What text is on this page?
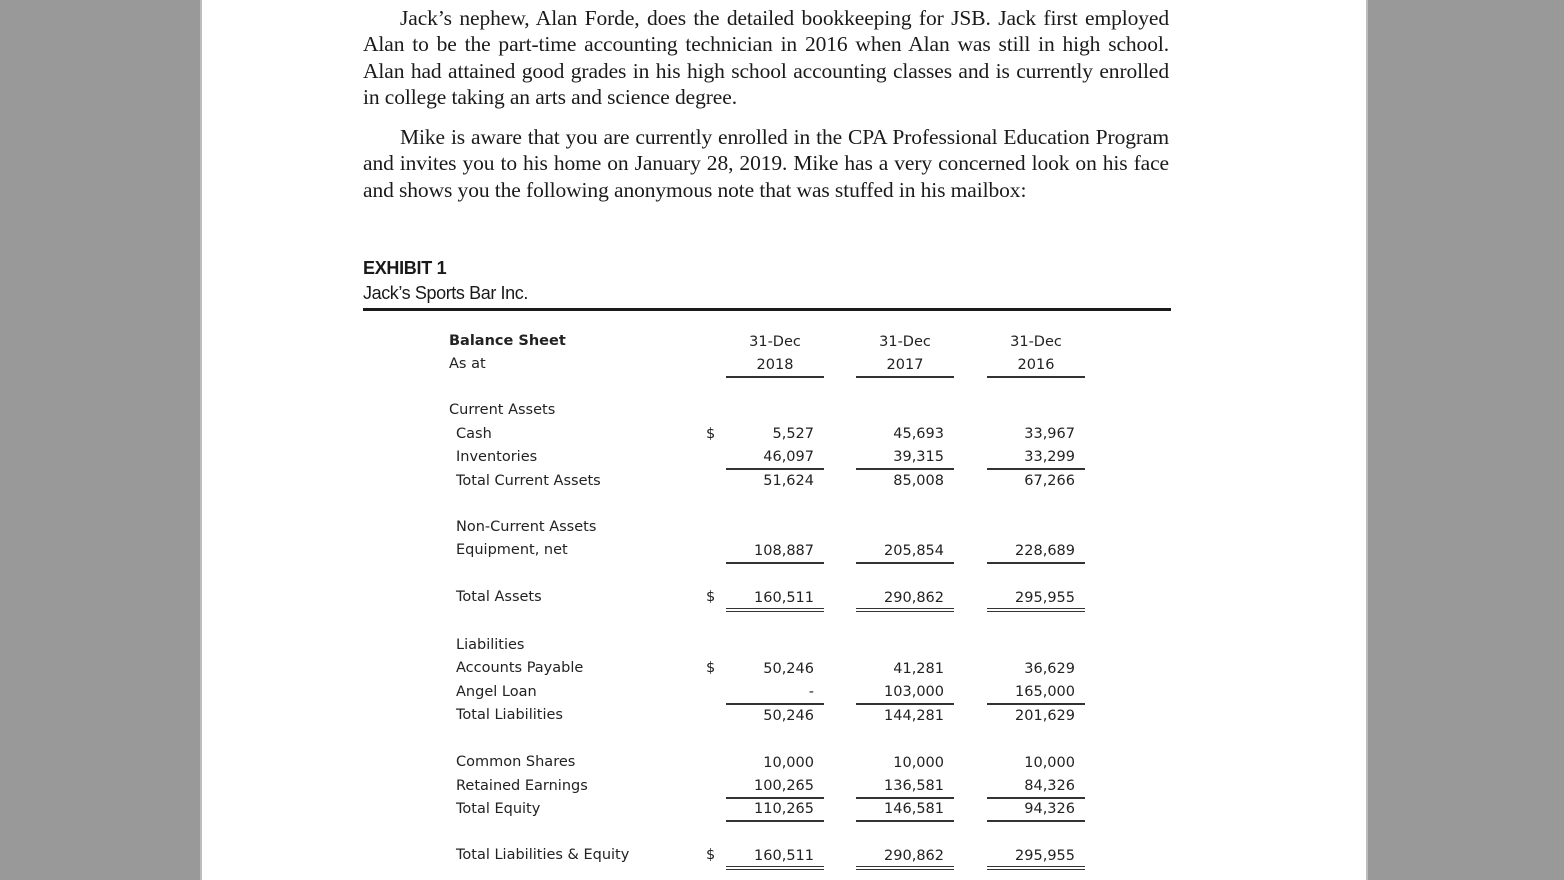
Jack’s nephew, Alan Forde, does the detailed bookkeeping for JSB. Jack first employed Alan to be the part-time accounting technician in 2016 when Alan was still in high school. Alan had attained good grades in his high school accounting classes and is currently enrolled in college taking an arts and science degree.

Mike is aware that you are currently enrolled in the CPA Professional Education Program and invites you to his home on January 28, 2019. Mike has a very concerned look on his face and shows you the following anonymous note that was stuffed in his mailbox:

EXHIBIT 1
Jack’s Sports Bar Inc.
Balance Sheet
As at
31-Dec	31-Dec	31-Dec
2018	2017	2016
Current Assets
Cash	$	5,527	45,693	33,967
Inventories	46,097	39,315	33,299
Total Current Assets	51,624	85,008	67,266
Non-Current Assets
Equipment, net	108,887	205,854	228,689
Total Assets	$	160,511	290,862	295,955
Liabilities
Accounts Payable	$	50,246	41,281	36,629
Angel Loan	-	103,000	165,000
Total Liabilities	50,246	144,281	201,629
Common Shares	10,000	10,000	10,000
Retained Earnings	100,265	136,581	84,326
Total Equity	110,265	146,581	94,326
Total Liabilities & Equity	$	160,511	290,862	295,955
